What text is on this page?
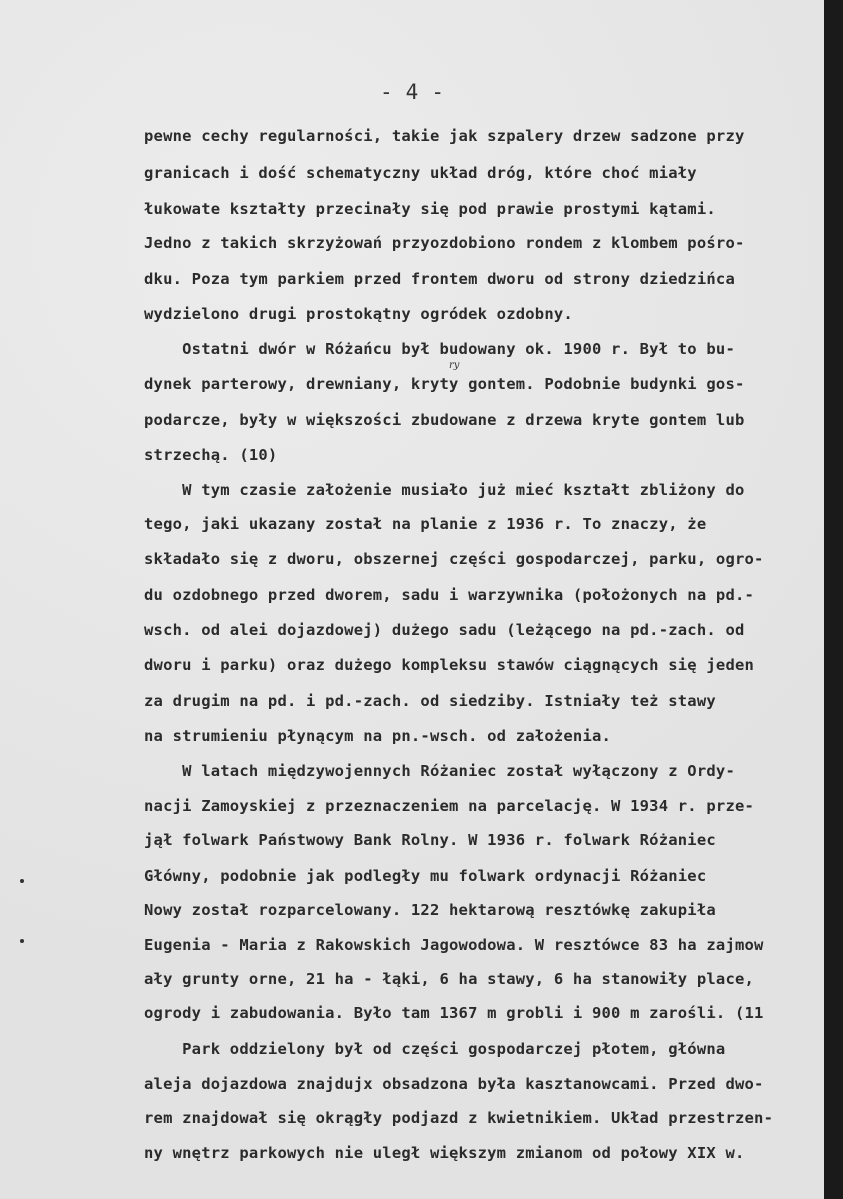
- 4 -
ry
pewne cechy regularności, takie jak szpalery drzew sadzone przy
granicach i dość schematyczny układ dróg, które choć miały
łukowate kształty przecinały się pod prawie prostymi kątami.
Jedno z takich skrzyżowań przyozdobiono rondem z klombem pośro-
dku. Poza tym parkiem przed frontem dworu od strony dziedzińca
wydzielono drugi prostokątny ogródek ozdobny.
Ostatni dwór w Różańcu był budowany ok. 1900 r. Był to bu-
dynek parterowy, drewniany, kryty gontem. Podobnie budynki gos-
podarcze, były w większości zbudowane z drzewa kryte gontem lub
strzechą. (10)
W tym czasie założenie musiało już mieć kształt zbliżony do
tego, jaki ukazany został na planie z 1936 r. To znaczy, że
składało się z dworu, obszernej części gospodarczej, parku, ogro-
du ozdobnego przed dworem, sadu i warzywnika (położonych na pd.-
wsch. od alei dojazdowej) dużego sadu (leżącego na pd.-zach. od
dworu i parku) oraz dużego kompleksu stawów ciągnących się jeden
za drugim na pd. i pd.-zach. od siedziby. Istniały też stawy
na strumieniu płynącym na pn.-wsch. od założenia.
W latach międzywojennych Różaniec został wyłączony z Ordy-
nacji Zamoyskiej z przeznaczeniem na parcelację. W 1934 r. prze-
jął folwark Państwowy Bank Rolny. W 1936 r. folwark Różaniec
Główny, podobnie jak podległy mu folwark ordynacji Różaniec
Nowy został rozparcelowany. 122 hektarową resztówkę zakupiła
Eugenia - Maria z Rakowskich Jagowodowa. W resztówce 83 ha zajmow
ały grunty orne, 21 ha - łąki, 6 ha stawy, 6 ha stanowiły place,
ogrody i zabudowania. Było tam 1367 m grobli i 900 m zarośli. (11
Park oddzielony był od części gospodarczej płotem, główna
aleja dojazdowa znajdujx obsadzona była kasztanowcami. Przed dwo-
rem znajdował się okrągły podjazd z kwietnikiem. Układ przestrzen-
ny wnętrz parkowych nie uległ większym zmianom od połowy XIX w.
